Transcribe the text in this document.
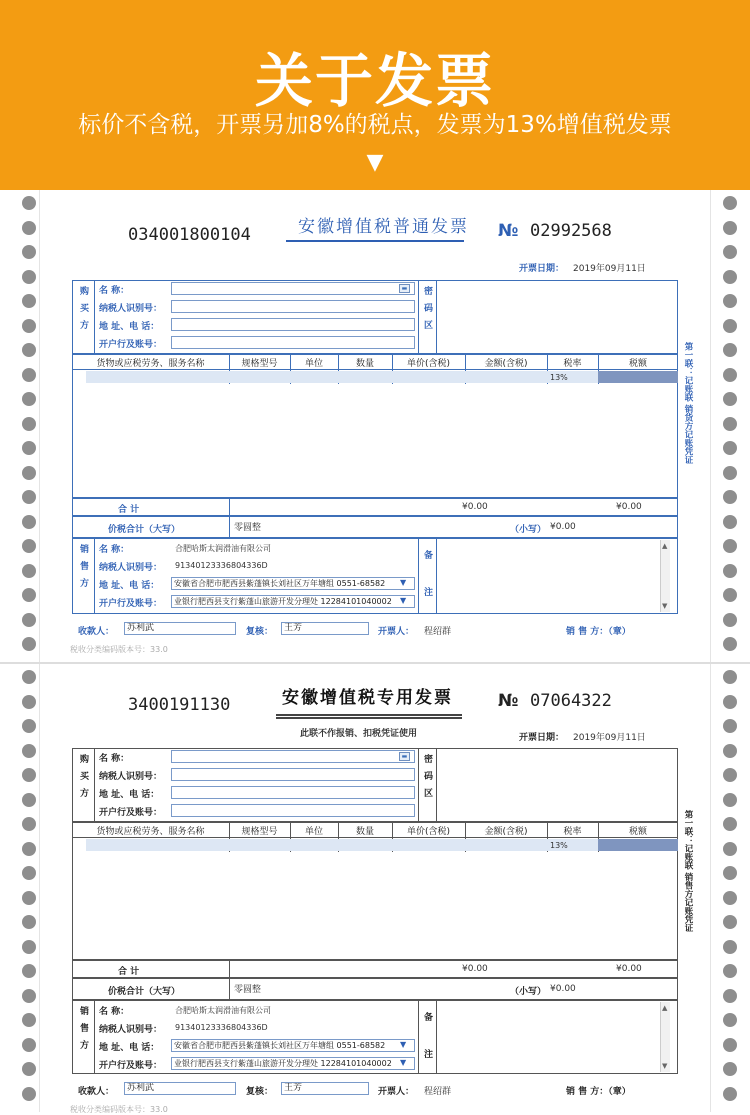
关于发票
标价不含税，开票另加8%的税点，发票为13%增值税发票
▼
034001800104	安徽增值税普通发票 № 02992568
开票日期： 2019年09月11日
购买方	密码区
名 称：
纳税人识别号：
地 址、电 话：
开户行及账号：
▬
货物或应税劳务、服务名称	规格型号	单位	数量	单价(含税)	金额(含税)	税率	税额
13%
合 计	¥0.00	¥0.00
价税合计（大写）	零圆整	（小写） ¥0.00
销售方	备注
名 称：	合肥哈斯太润滑油有限公司
纳税人识别号： 91340123336804336D
地 址、电 话：	安徽省合肥市肥西县紫蓬镇长刘社区万年塘组 0551-68582	▼
开户行及账号：	业银行肥西县支行紫蓬山旅游开发分理处 12284101040002	▼
▲
▼
第一联：记账联 销货方记账凭证
收款人：	苏利武	复核：	王芳	开票人： 程绍群	销 售 方：（章）
税收分类编码版本号：33.0
3400191130	安徽增值税专用发票
此联不作报销、扣税凭证使用
№ 07064322
开票日期： 2019年09月11日
购买方	密码区
名 称：
纳税人识别号：
地 址、电 话：
开户行及账号：
▬
货物或应税劳务、服务名称	规格型号	单位	数量	单价(含税)	金额(含税)	税率	税额
13%
合 计	¥0.00	¥0.00
价税合计（大写）	零圆整	（小写） ¥0.00
销售方	备注
名 称：	合肥哈斯太润滑油有限公司
纳税人识别号： 91340123336804336D
地 址、电 话：	安徽省合肥市肥西县紫蓬镇长刘社区万年塘组 0551-68582	▼
开户行及账号：	业银行肥西县支行紫蓬山旅游开发分理处 12284101040002	▼
▲
▼
第一联：记账联 销售方记账凭证
收款人：	苏利武	复核：	王芳	开票人： 程绍群	销 售 方：（章）
税收分类编码版本号：33.0
